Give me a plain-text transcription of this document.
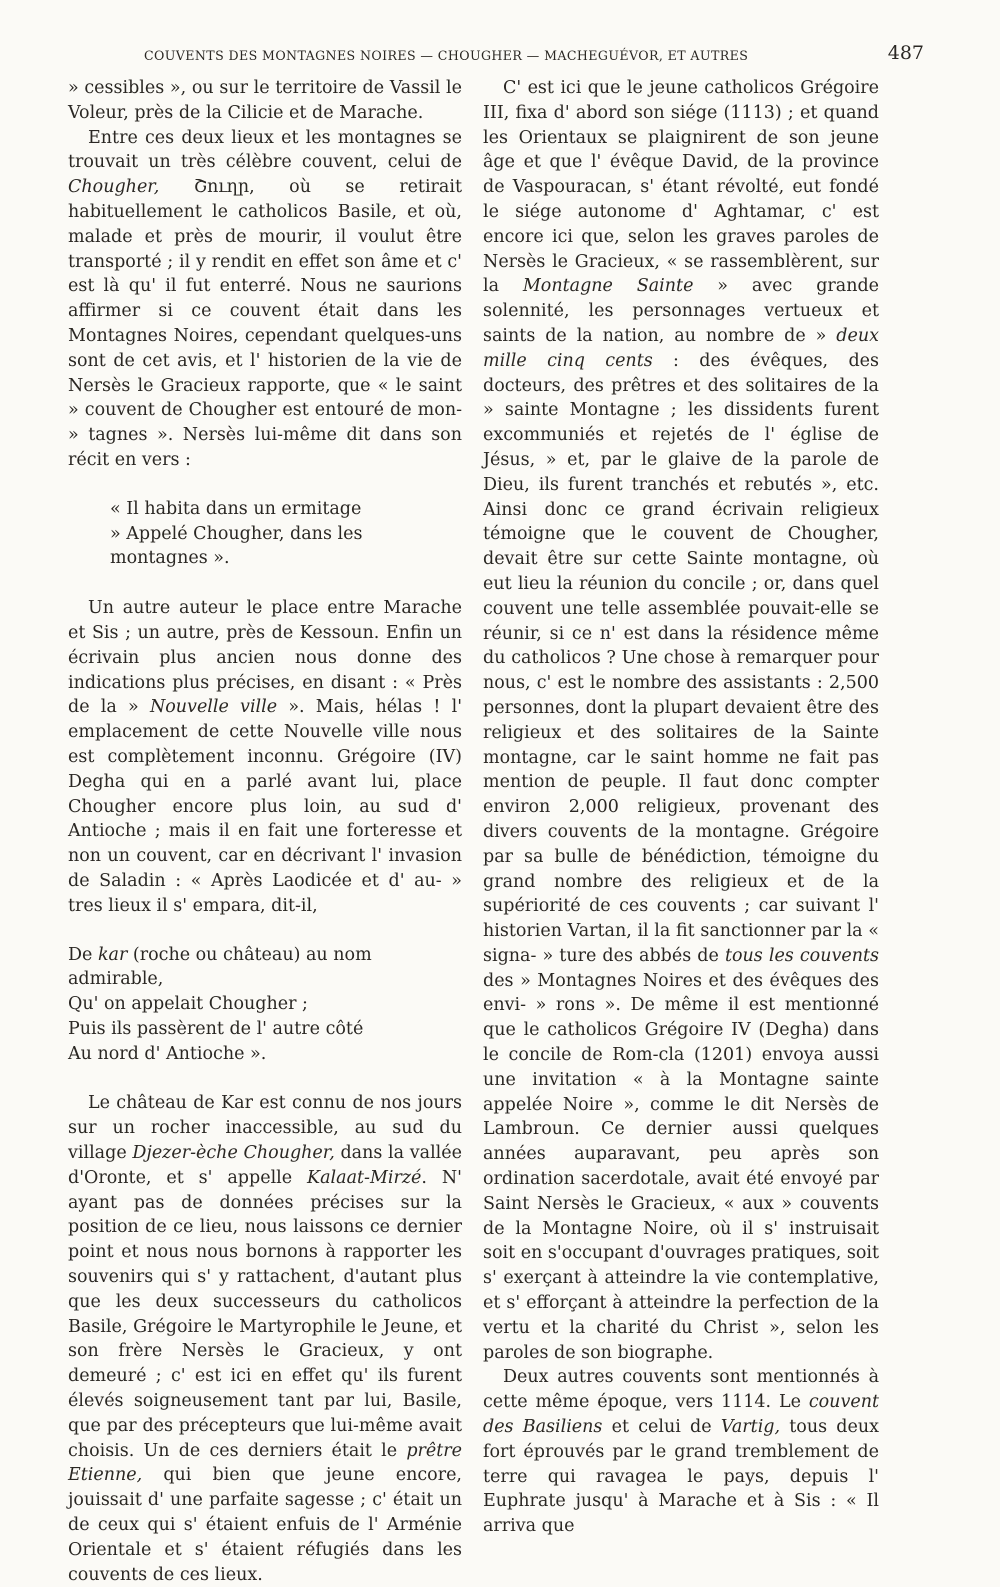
COUVENTS DES MONTAGNES NOIRES — CHOUGHER — MACHEGUÉVOR, ET AUTRES	487

» cessibles », ou sur le territoire de Vassil le Voleur, près de la Cilicie et de Marache.

Entre ces deux lieux et les montagnes se trouvait un très célèbre couvent, celui de Chougher, Շուղր, où se retirait habituellement le catholicos Basile, et où, malade et près de mourir, il voulut être transporté ; il y rendit en effet son âme et c' est là qu' il fut enterré. Nous ne saurions affirmer si ce couvent était dans les Montagnes Noires, cependant quelques-uns sont de cet avis, et l' historien de la vie de Nersès le Gracieux rapporte, que « le saint » couvent de Chougher est entouré de mon- » tagnes ». Nersès lui-même dit dans son récit en vers :

« Il habita dans un ermitage

» Appelé Chougher, dans les montagnes ».

Un autre auteur le place entre Marache et Sis ; un autre, près de Kessoun. Enfin un écrivain plus ancien nous donne des indications plus précises, en disant : « Près de la » Nouvelle ville ». Mais, hélas ! l' emplacement de cette Nouvelle ville nous est complètement inconnu. Grégoire (IV) Degha qui en a parlé avant lui, place Chougher encore plus loin, au sud d' Antioche ; mais il en fait une forteresse et non un couvent, car en décrivant l' invasion de Saladin : « Après Laodicée et d' au- » tres lieux il s' empara, dit-il,

De kar (roche ou château) au nom admirable,

Qu' on appelait Chougher ;

Puis ils passèrent de l' autre côté

Au nord d' Antioche ».

Le château de Kar est connu de nos jours sur un rocher inaccessible, au sud du village Djezer-èche Chougher, dans la vallée d'Oronte, et s' appelle Kalaat-Mirzé. N' ayant pas de données précises sur la position de ce lieu, nous laissons ce dernier point et nous nous bornons à rapporter les souvenirs qui s' y rattachent, d'autant plus que les deux successeurs du catholicos Basile, Grégoire le Martyrophile le Jeune, et son frère Nersès le Gracieux, y ont demeuré ; c' est ici en effet qu' ils furent élevés soigneusement tant par lui, Basile, que par des précepteurs que lui-même avait choisis. Un de ces derniers était le prêtre Etienne, qui bien que jeune encore, jouissait d' une parfaite sagesse ; c' était un de ceux qui s' étaient enfuis de l' Arménie Orientale et s' étaient réfugiés dans les couvents de ces lieux.

C' est ici que le jeune catholicos Grégoire III, fixa d' abord son siége (1113) ; et quand les Orientaux se plaignirent de son jeune âge et que l' évêque David, de la province de Vaspouracan, s' étant révolté, eut fondé le siége autonome d' Aghtamar, c' est encore ici que, selon les graves paroles de Nersès le Gracieux, « se rassemblèrent, sur la Montagne Sainte » avec grande solennité, les personnages vertueux et saints de la nation, au nombre de » deux mille cinq cents : des évêques, des docteurs, des prêtres et des solitaires de la » sainte Montagne ; les dissidents furent excommuniés et rejetés de l' église de Jésus, » et, par le glaive de la parole de Dieu, ils furent tranchés et rebutés », etc. Ainsi donc ce grand écrivain religieux témoigne que le couvent de Chougher, devait être sur cette Sainte montagne, où eut lieu la réunion du concile ; or, dans quel couvent une telle assemblée pouvait-elle se réunir, si ce n' est dans la résidence même du catholicos ? Une chose à remarquer pour nous, c' est le nombre des assistants : 2,500 personnes, dont la plupart devaient être des religieux et des solitaires de la Sainte montagne, car le saint homme ne fait pas mention de peuple. Il faut donc compter environ 2,000 religieux, provenant des divers couvents de la montagne. Grégoire par sa bulle de bénédiction, témoigne du grand nombre des religieux et de la supériorité de ces couvents ; car suivant l' historien Vartan, il la fit sanctionner par la « signa- » ture des abbés de tous les couvents des » Montagnes Noires et des évêques des envi- » rons ». De même il est mentionné que le catholicos Grégoire IV (Degha) dans le concile de Rom-cla (1201) envoya aussi une invitation « à la Montagne sainte appelée Noire », comme le dit Nersès de Lambroun. Ce dernier aussi quelques années auparavant, peu après son ordination sacerdotale, avait été envoyé par Saint Nersès le Gracieux, « aux » couvents de la Montagne Noire, où il s' instruisait soit en s'occupant d'ouvrages pratiques, soit s' exerçant à atteindre la vie contemplative, et s' efforçant à atteindre la perfection de la vertu et la charité du Christ », selon les paroles de son biographe.

Deux autres couvents sont mentionnés à cette même époque, vers 1114. Le couvent des Basiliens et celui de Vartig, tous deux fort éprouvés par le grand tremblement de terre qui ravagea le pays, depuis l' Euphrate jusqu' à Marache et à Sis : « Il arriva que
